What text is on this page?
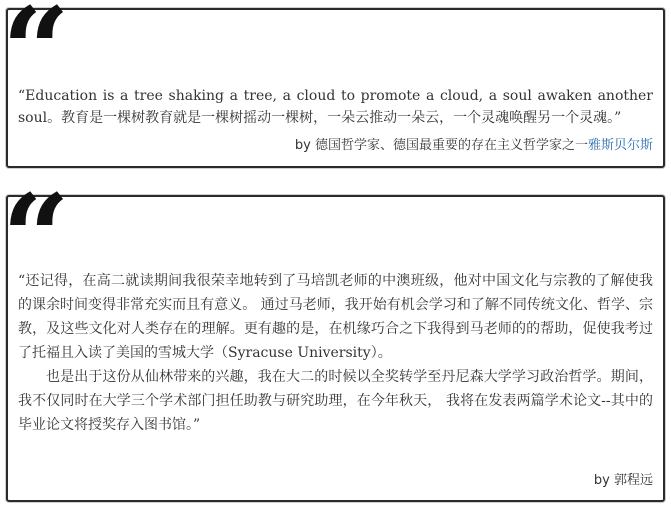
“

“Education is a tree shaking a tree, a cloud to promote a cloud, a soul awaken another soul。教育是一棵树教育就是一棵树摇动一棵树，一朵云推动一朵云，一个灵魂唤醒另一个灵魂。”

by 德国哲学家、德国最重要的存在主义哲学家之一雅斯贝尔斯
“

“还记得，在高二就读期间我很荣幸地转到了马培凯老师的中澳班级，他对中国文化与宗教的了解使我的课余时间变得非常充实而且有意义。 通过马老师，我开始有机会学习和了解不同传统文化、哲学、宗教，及这些文化对人类存在的理解。更有趣的是，在机缘巧合之下我得到马老师的的帮助，促使我考过了托福且入读了美国的雪城大学（Syracuse University）。

也是出于这份从仙林带来的兴趣，我在大二的时候以全奖转学至丹尼森大学学习政治哲学。期间， 我不仅同时在大学三个学术部门担任助教与研究助理，在今年秋天， 我将在发表两篇学术论文--其中的毕业论文将授奖存入图书馆。”

by 郭程远
